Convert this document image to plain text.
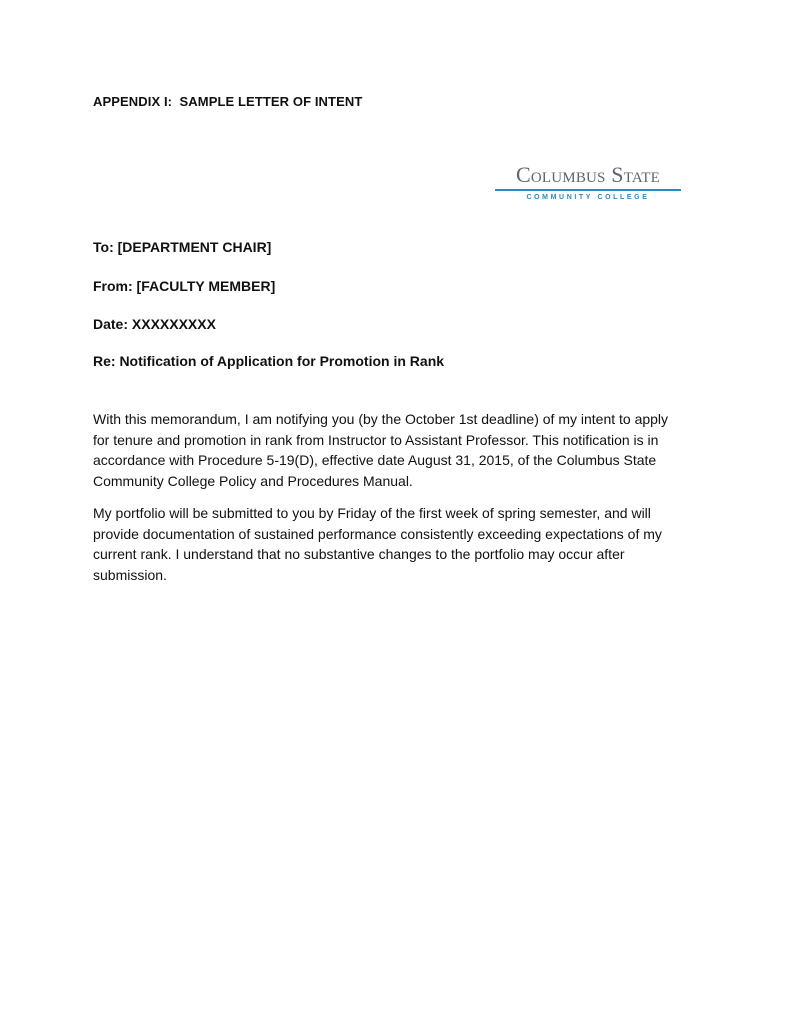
APPENDIX I:  SAMPLE LETTER OF INTENT
Columbus State
COMMUNITY COLLEGE
To: [DEPARTMENT CHAIR]
From: [FACULTY MEMBER]
Date: XXXXXXXXX
Re: Notification of Application for Promotion in Rank
With this memorandum, I am notifying you (by the October 1st deadline) of my intent to apply
for tenure and promotion in rank from Instructor to Assistant Professor. This notification is in
accordance with Procedure 5-19(D), effective date August 31, 2015, of the Columbus State
Community College Policy and Procedures Manual.
My portfolio will be submitted to you by Friday of the first week of spring semester, and will
provide documentation of sustained performance consistently exceeding expectations of my
current rank. I understand that no substantive changes to the portfolio may occur after
submission.
